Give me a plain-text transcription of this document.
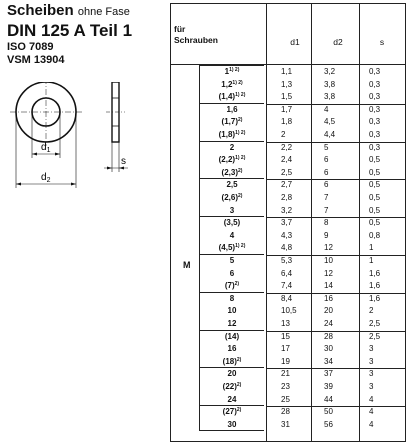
Scheiben ohne Fase
DIN 125 A Teil 1
ISO 7089
VSM 13904
$d_1$
$d_2$
s
für
Schrauben	d1	d2	s
M
$1^{1) 2)}$	1,1	3,2	0,3
$1,2^{1) 2)}$	1,3	3,8	0,3
$(1,4)^{1) 2)}$	1,5	3,8	0,3
1,6	1,7	4	0,3
$(1,7)^{2)}$	1,8	4,5	0,3
$(1,8)^{1) 2)}$	2	4,4	0,3
2	2,2	5	0,3
$(2,2)^{1) 2)}$	2,4	6	0,5
$(2,3)^{2)}$	2,5	6	0,5
2,5	2,7	6	0,5
$(2,6)^{2)}$	2,8	7	0,5
3	3,2	7	0,5
(3,5)	3,7	8	0,5
4	4,3	9	0,8
$(4,5)^{1) 2)}$	4,8	12	1
5	5,3	10	1
6	6,4	12	1,6
$(7)^{2)}$	7,4	14	1,6
8	8,4	16	1,6
10	10,5	20	2
12	13	24	2,5
(14)	15	28	2,5
16	17	30	3
$(18)^{2)}$	19	34	3
20	21	37	3
$(22)^{2)}$	23	39	3
24	25	44	4
$(27)^{2)}$	28	50	4
30	31	56	4
